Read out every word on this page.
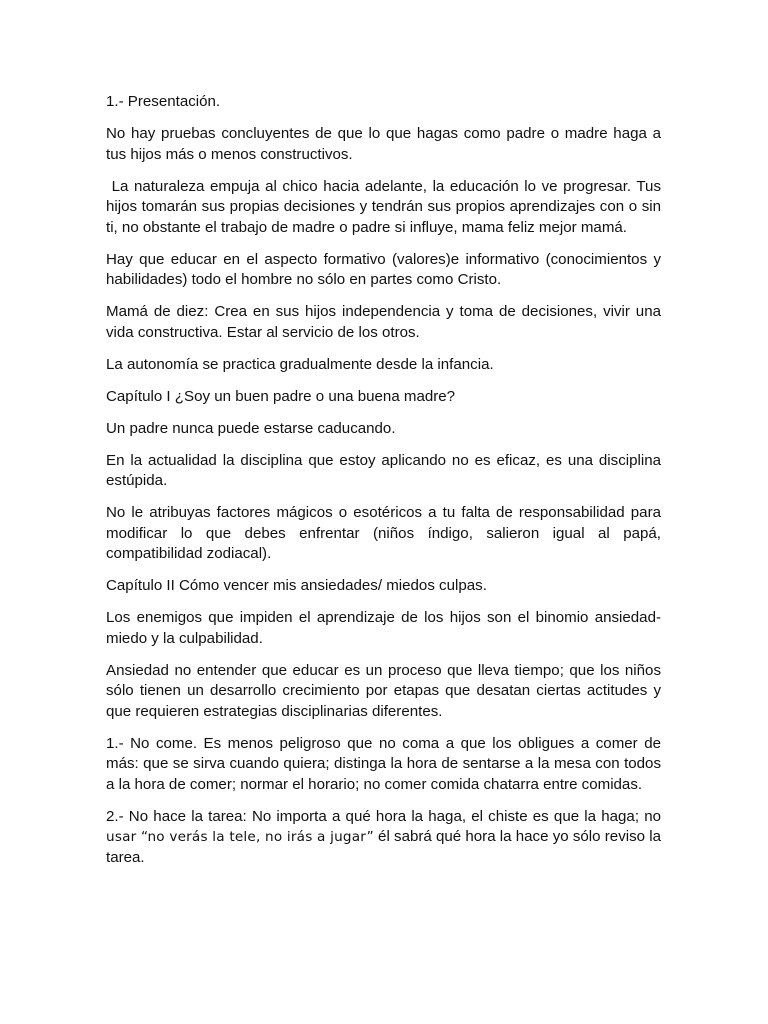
1.- Presentación.

No hay pruebas concluyentes de que lo que hagas como padre o madre haga a tus hijos más o menos constructivos.

La naturaleza empuja al chico hacia adelante, la educación lo ve progresar. Tus hijos tomarán sus propias decisiones y tendrán sus propios aprendizajes con o sin ti, no obstante el trabajo de madre o padre si influye, mama feliz mejor mamá.

Hay que educar en el aspecto formativo (valores)e informativo (conocimientos y habilidades) todo el hombre no sólo en partes como Cristo.

Mamá de diez: Crea en sus hijos independencia y toma de decisiones, vivir una vida constructiva. Estar al servicio de los otros.

La autonomía se practica gradualmente desde la infancia.

Capítulo I ¿Soy un buen padre o una buena madre?

Un padre nunca puede estarse caducando.

En la actualidad la disciplina que estoy aplicando no es eficaz, es una disciplina estúpida.

No le atribuyas factores mágicos o esotéricos a tu falta de responsabilidad para modificar lo que debes enfrentar (niños índigo, salieron igual al papá, compatibilidad zodiacal).

Capítulo II Cómo vencer mis ansiedades/ miedos culpas.

Los enemigos que impiden el aprendizaje de los hijos son el binomio ansiedad-miedo y la culpabilidad.

Ansiedad no entender que educar es un proceso que lleva tiempo; que los niños sólo tienen un desarrollo crecimiento por etapas que desatan ciertas actitudes y que requieren estrategias disciplinarias diferentes.

1.- No come. Es menos peligroso que no coma a que los obligues a comer de más: que se sirva cuando quiera; distinga la hora de sentarse a la mesa con todos a la hora de comer; normar el horario; no comer comida chatarra entre comidas.

2.- No hace la tarea: No importa a qué hora la haga, el chiste es que la haga; no usar “no verás la tele, no irás a jugar” él sabrá qué hora la hace yo sólo reviso la tarea.
